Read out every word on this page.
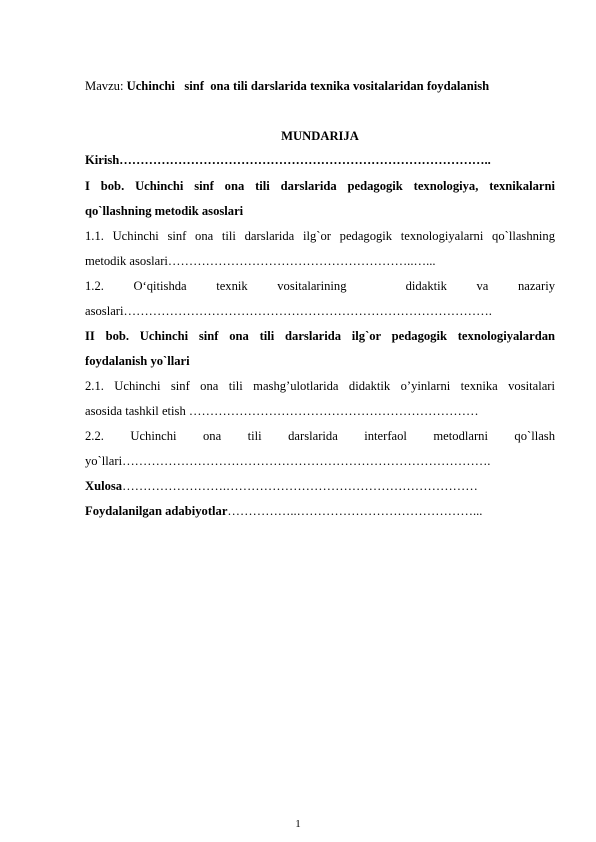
Mavzu: Uchinchi   sinf  ona tili darslarida texnika vositalaridan foydalanish
MUNDARIJA
Kirish……………………………………………………………………………..
I bob. Uchinchi sinf ona tili darslarida pedagogik texnologiya, texnikalarni
qo`llashning metodik asoslari
1.1. Uchinchi sinf ona tili darslarida ilg`or pedagogik texnologiyalarni qo`llashning
metodik asoslari…………………………………………………..…...
1.2.     O‘qitishda     texnik     vositalarining          didaktik     va     nazariy
asoslari…………………………………………………………………………….
II bob. Uchinchi sinf ona tili darslarida ilg`or pedagogik texnologiyalardan
foydalanish yo`llari
2.1. Uchinchi sinf ona tili mashg’ulotlarida didaktik o’yinlarni texnika vositalari
asosida tashkil etish ……………………………………………………………
2.2.     Uchinchi     ona     tili     darslarida     interfaol     metodlarni     qo`llash
yo`llari…………………………………………………………………………….
Xulosa…………………….……………………………………………………
Foydalanilgan adabiyotlar……………..……………………………………...
1
